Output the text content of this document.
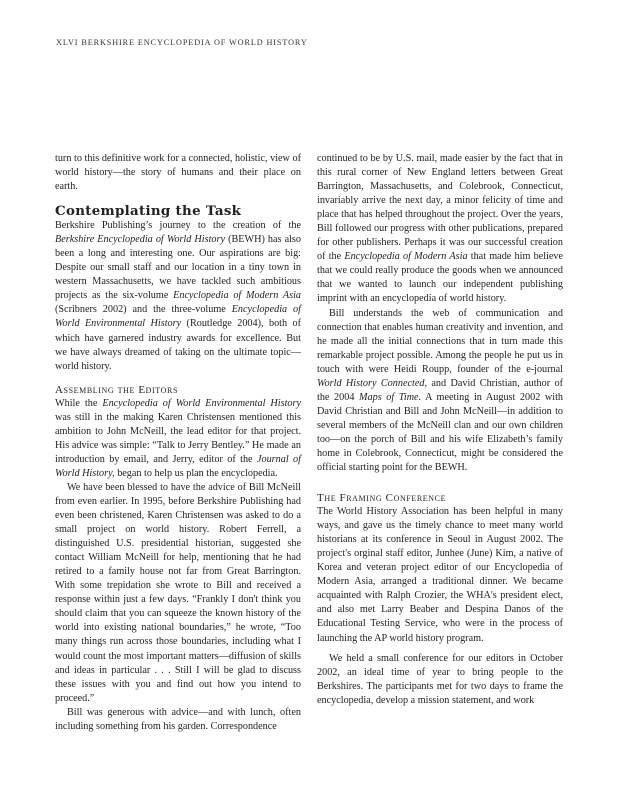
XLVI BERKSHIRE ENCYCLOPEDIA OF WORLD HISTORY

turn to this definitive work for a connected, holistic, view of world history—the story of humans and their place on earth.

Contemplating the Task

Berkshire Publishing’s journey to the creation of the Berkshire Encyclopedia of World History (BEWH) has also been a long and interesting one. Our aspirations are big: Despite our small staff and our location in a tiny town in western Massachusetts, we have tackled such ambitious projects as the six-volume Encyclopedia of Modern Asia (Scribners 2002) and the three-volume Encyclopedia of World Environmental History (Routledge 2004), both of which have garnered industry awards for excellence. But we have always dreamed of taking on the ultimate topic—world history.

Assembling the Editors

While the Encyclopedia of World Environmental History was still in the making Karen Christensen mentioned this ambition to John McNeill, the lead editor for that project. His advice was simple: “Talk to Jerry Bentley.” He made an introduction by email, and Jerry, editor of the Journal of World History, began to help us plan the encyclopedia.

We have been blessed to have the advice of Bill McNeill from even earlier. In 1995, before Berkshire Publishing had even been christened, Karen Christensen was asked to do a small project on world history. Robert Ferrell, a distinguished U.S. presidential historian, suggested she contact William McNeill for help, mentioning that he had retired to a family house not far from Great Barrington. With some trepidation she wrote to Bill and received a response within just a few days. “Frankly I don't think you should claim that you can squeeze the known history of the world into existing national boundaries,” he wrote, “Too many things run across those boundaries, including what I would count the most important matters—diffusion of skills and ideas in particular . . . Still I will be glad to discuss these issues with you and find out how you intend to proceed.”

Bill was generous with advice—and with lunch, often including something from his garden. Correspondence

continued to be by U.S. mail, made easier by the fact that in this rural corner of New England letters between Great Barrington, Massachusetts, and Colebrook, Connecticut, invariably arrive the next day, a minor felicity of time and place that has helped throughout the project. Over the years, Bill followed our progress with other publications, prepared for other publishers. Perhaps it was our successful creation of the Encyclopedia of Modern Asia that made him believe that we could really produce the goods when we announced that we wanted to launch our independent publishing imprint with an encyclopedia of world history.

Bill understands the web of communication and connection that enables human creativity and invention, and he made all the initial connections that in turn made this remarkable project possible. Among the people he put us in touch with were Heidi Roupp, founder of the e-journal World History Connected, and David Christian, author of the 2004 Maps of Time. A meeting in August 2002 with David Christian and Bill and John McNeill—in addition to several members of the McNeill clan and our own children too—on the porch of Bill and his wife Elizabeth’s family home in Colebrook, Connecticut, might be considered the official starting point for the BEWH.

The Framing Conference

The World History Association has been helpful in many ways, and gave us the timely chance to meet many world historians at its conference in Seoul in August 2002. The project's orginal staff editor, Junhee (June) Kim, a native of Korea and veteran project editor of our Encyclopedia of Modern Asia, arranged a traditional dinner. We became acquainted with Ralph Crozier, the WHA's president elect, and also met Larry Beaber and Despina Danos of the Educational Testing Service, who were in the process of launching the AP world history program.

We held a small conference for our editors in October 2002, an ideal time of year to bring people to the Berkshires. The participants met for two days to frame the encyclopedia, develop a mission statement, and work
